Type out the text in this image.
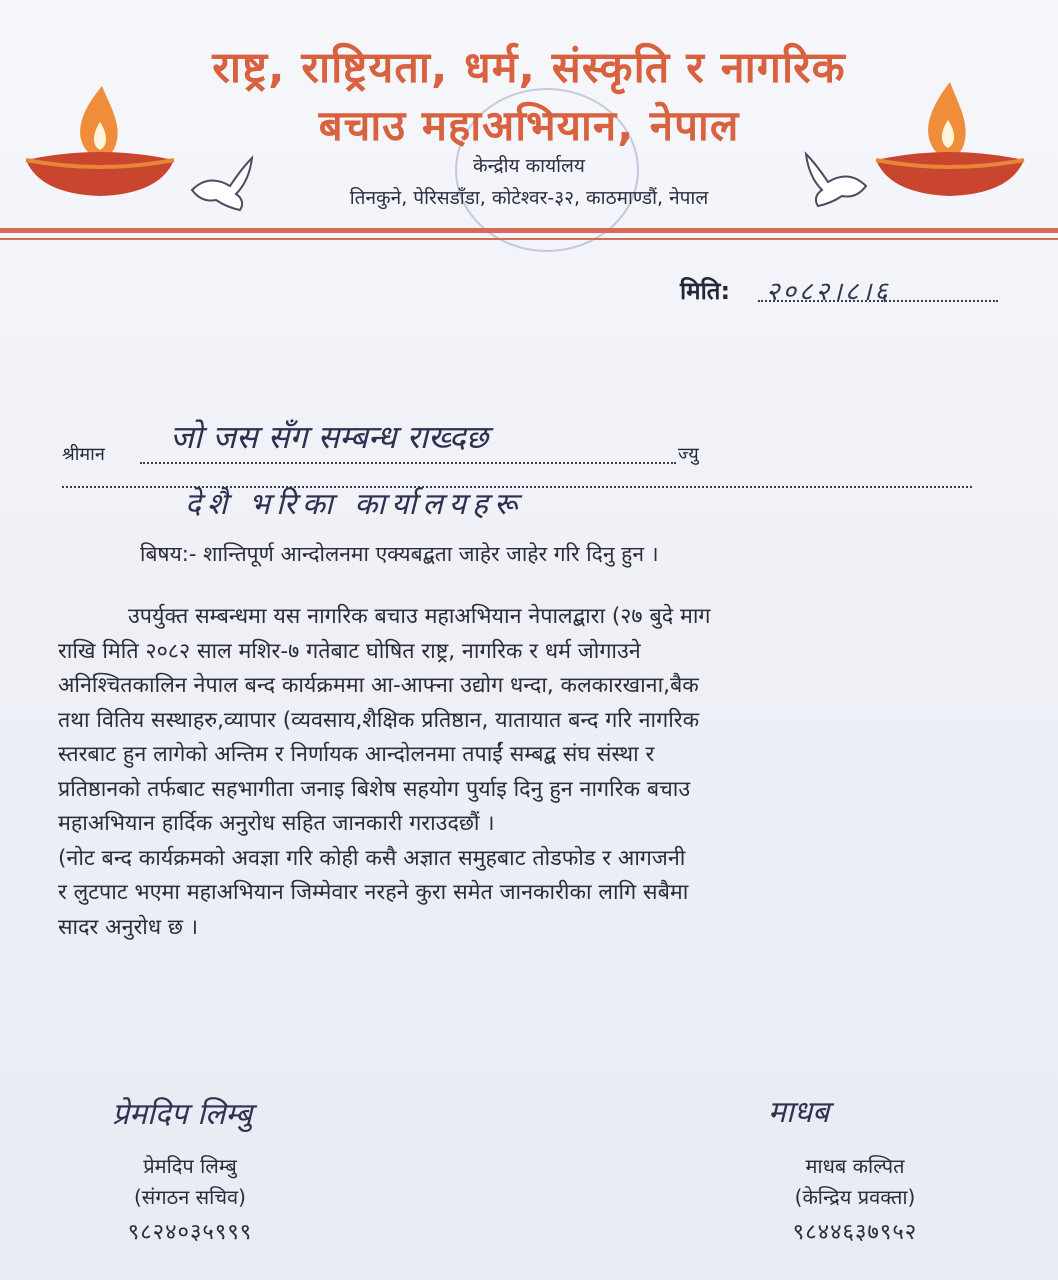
राष्ट्र, राष्ट्रियता, धर्म, संस्कृति र नागरिक
बचाउ महाअभियान, नेपाल
केन्द्रीय कार्यालय
तिनकुने, पेरिसडाँडा, कोटेश्वर-३२, काठमाण्डौं, नेपाल
मिति: २०८२।८।६
श्रीमान जो जस सँग सम्बन्ध राख्दछ	ज्यु
देशै भरिका कार्यालयहरू
बिषय:- शान्तिपूर्ण आन्दोलनमा एक्यबद्बता जाहेर जाहेर गरि दिनु हुन ।

उपर्युक्त सम्बन्धमा यस नागरिक बचाउ महाअभियान नेपालद्बारा (२७ बुदे माग

राखि मिति २०८२ साल मशिर-७ गतेबाट घोषित राष्ट्र, नागरिक र धर्म जोगाउने

अनिश्चितकालिन नेपाल बन्द कार्यक्रममा आ-आफ्ना उद्योग धन्दा, कलकारखाना,बैक

तथा वितिय सस्थाहरु,व्यापार (व्यवसाय,शैक्षिक प्रतिष्ठान, यातायात बन्द गरि नागरिक

स्तरबाट हुन लागेको अन्तिम र निर्णायक आन्दोलनमा तपाईं सम्बद्ब संघ संस्था र

प्रतिष्ठानको तर्फबाट सहभागीता जनाइ बिशेष सहयोग पुर्याइ दिनु हुन नागरिक बचाउ

महाअभियान हार्दिक अनुरोध सहित जानकारी गराउदछौं ।

(नोट बन्द कार्यक्रमको अवज्ञा गरि कोही कसै अज्ञात समुहबाट तोडफोड र आगजनी

र लुटपाट भएमा महाअभियान जिम्मेवार नरहने कुरा समेत जानकारीका लागि सबैमा

सादर अनुरोध छ ।

प्रेमदिप लिम्बु
प्रेमदिप लिम्बु
(संगठन सचिव)
९८२४०३५९९९
माधब
माधब कल्पित
(केन्द्रिय प्रवक्ता)
९८४४६३७९५२
